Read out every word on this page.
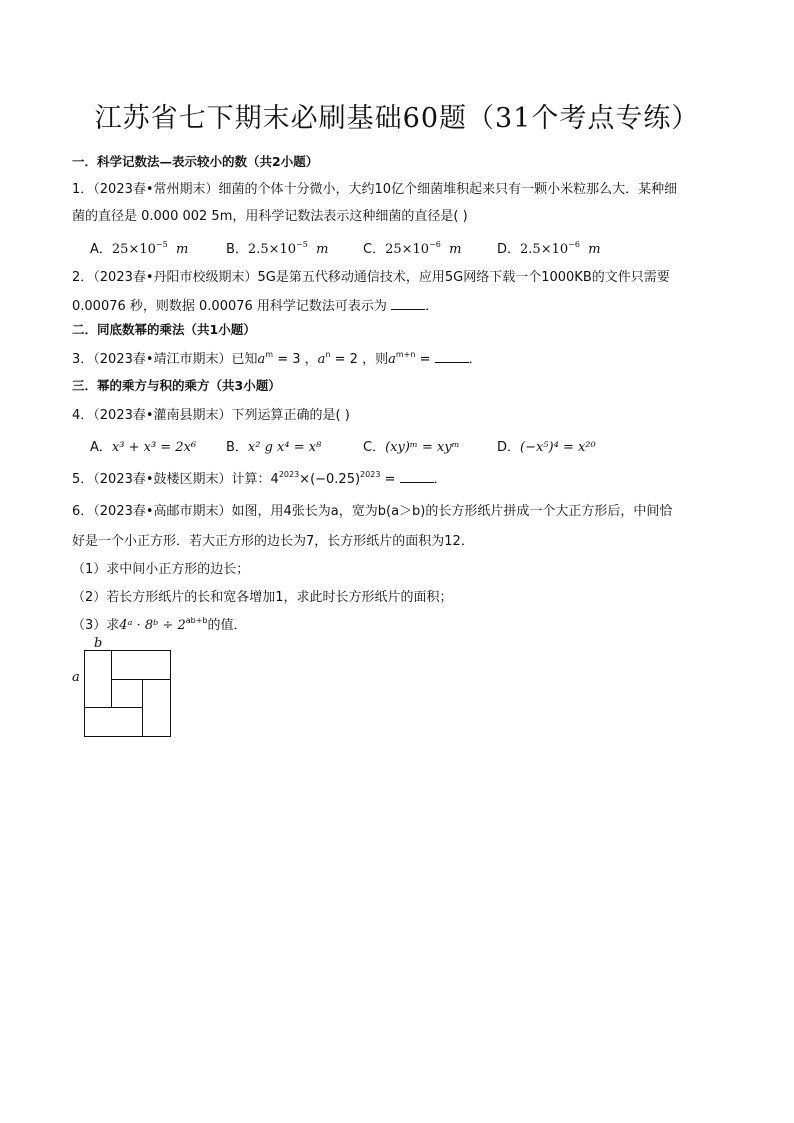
江苏省七下期末必刷基础60题（31个考点专练）
一．科学记数法—表示较小的数（共2小题）
1．（2023春•常州期末）细菌的个体十分微小，大约10亿个细菌堆积起来只有一颗小米粒那么大．某种细
菌的直径是 0.000 002 5m，用科学记数法表示这种细菌的直径是( )
A．$25\times 10^{-5}$ m	B．$2.5\times 10^{-5}$ m	C．$25\times 10^{-6}$ m	D．$2.5\times 10^{-6}$ m
2．（2023春•丹阳市校级期末）5G是第五代移动通信技术，应用5G网络下载一个1000KB的文件只需要
0.00076 秒，则数据 0.00076 用科学记数法可表示为	．
二．同底数幂的乘法（共1小题）
3．（2023春•靖江市期末）已知$a^m = 3$ ，$a^n = 2$ ，则$a^{m+n}$ =	．
三．幂的乘方与积的乘方（共3小题）
4．（2023春•灌南县期末）下列运算正确的是( )
A．x³ + x³ = 2x⁶ B．x² g x⁴ = x⁸	C．(xy)ᵐ = xyᵐ	D．(−x⁵)⁴ = x²⁰
5．（2023春•鼓楼区期末）计算：$4^{2023}\times(-0.25)^{2023}$ =	．
6．（2023春•高邮市期末）如图，用4张长为a，宽为b(a＞b)的长方形纸片拼成一个大正方形后，中间恰
好是一个小正方形．若大正方形的边长为7，长方形纸片的面积为12．
（1）求中间小正方形的边长；
（2）若长方形纸片的长和宽各增加1，求此时长方形纸片的面积；
（3）求4ᵃ · 8ᵇ ÷ $2^{ab+b}$的值．
b
a
